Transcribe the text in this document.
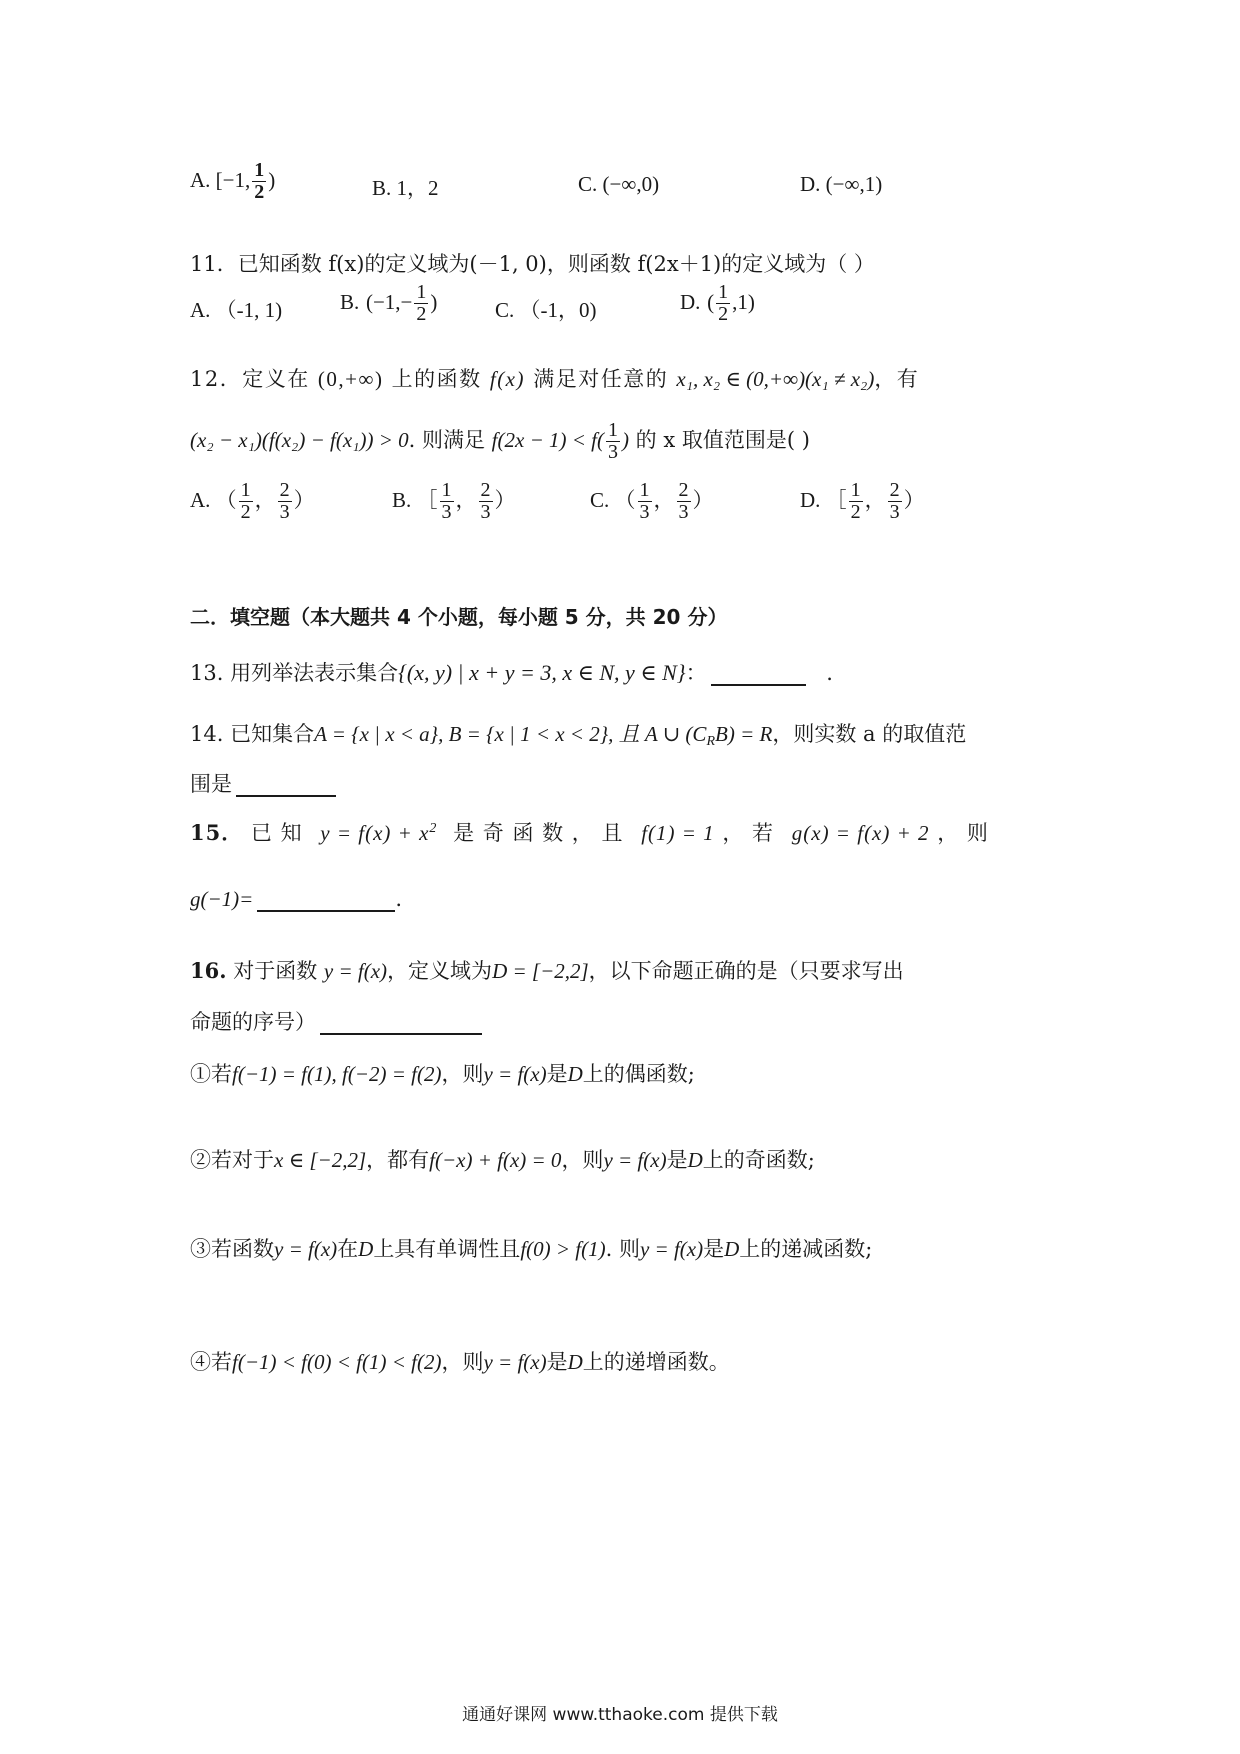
A. [−1, $\frac{1}{2}$ )	B. 1，2	C. (−∞,0)	D. (−∞,1)
11．已知函数 f(x)的定义域为(－1, 0)，则函数 f(2x＋1)的定义域为（ ）
A. （-1, 1)	B. ($-1,- \frac{1}{2}$ )	C. （-1，0)	D. ( $\frac{1}{2} ,1$)
12．定义在 (0,+∞) 上的函数 f(x) 满足对任意的 x₁, x₂ ∈ (0,+∞)(x₁ ≠ x₂)，有
(x₂ − x₁)(f(x₂) − f(x₁)) > 0. 则满足 $f(2x - 1) < f( \frac{1}{3}$ ) 的 x 取值范围是( )
A. （ $\frac{1}{2}$ ， $\frac{2}{3}$ ）	B. ［ $\frac{1}{3}$ ， $\frac{2}{3}$ ）	C. （ $\frac{1}{3}$ ， $\frac{2}{3}$ ）	D. ［ $\frac{1}{2}$ ， $\frac{2}{3}$ ）
二．填空题（本大题共 4 个小题，每小题 5 分，共 20 分）
13. 用列举法表示集合{(x, y) | x + y = 3, x ∈ N, y ∈ N}：	.
14. 已知集合A = {x | x < a}, B = {x | 1 < x < 2}, 且 A ∪ $(C_RB) = R$，则实数 a 的取值范
围是
15． 已 知 $y = f(x) + x^2$ 是 奇 函 数 ， 且 f(1) = 1 ， 若 g(x) = f(x) + 2 ， 则
g(−1)=	.
16. 对于函数 y = f(x)，定义域为D = [−2,2]，以下命题正确的是（只要求写出
命题的序号）
①若f(−1) = f(1), f(−2) = f(2)，则y = f(x)是D上的偶函数;
②若对于x ∈ [−2,2]，都有f(−x) + f(x) = 0，则y = f(x)是D上的奇函数;
③若函数y = f(x)在D上具有单调性且f(0) > f(1). 则y = f(x)是D上的递减函数;
④若f(−1) < f(0) < f(1) < f(2)，则y = f(x)是D上的递增函数。
通通好课网 www.tthaoke.com 提供下载
